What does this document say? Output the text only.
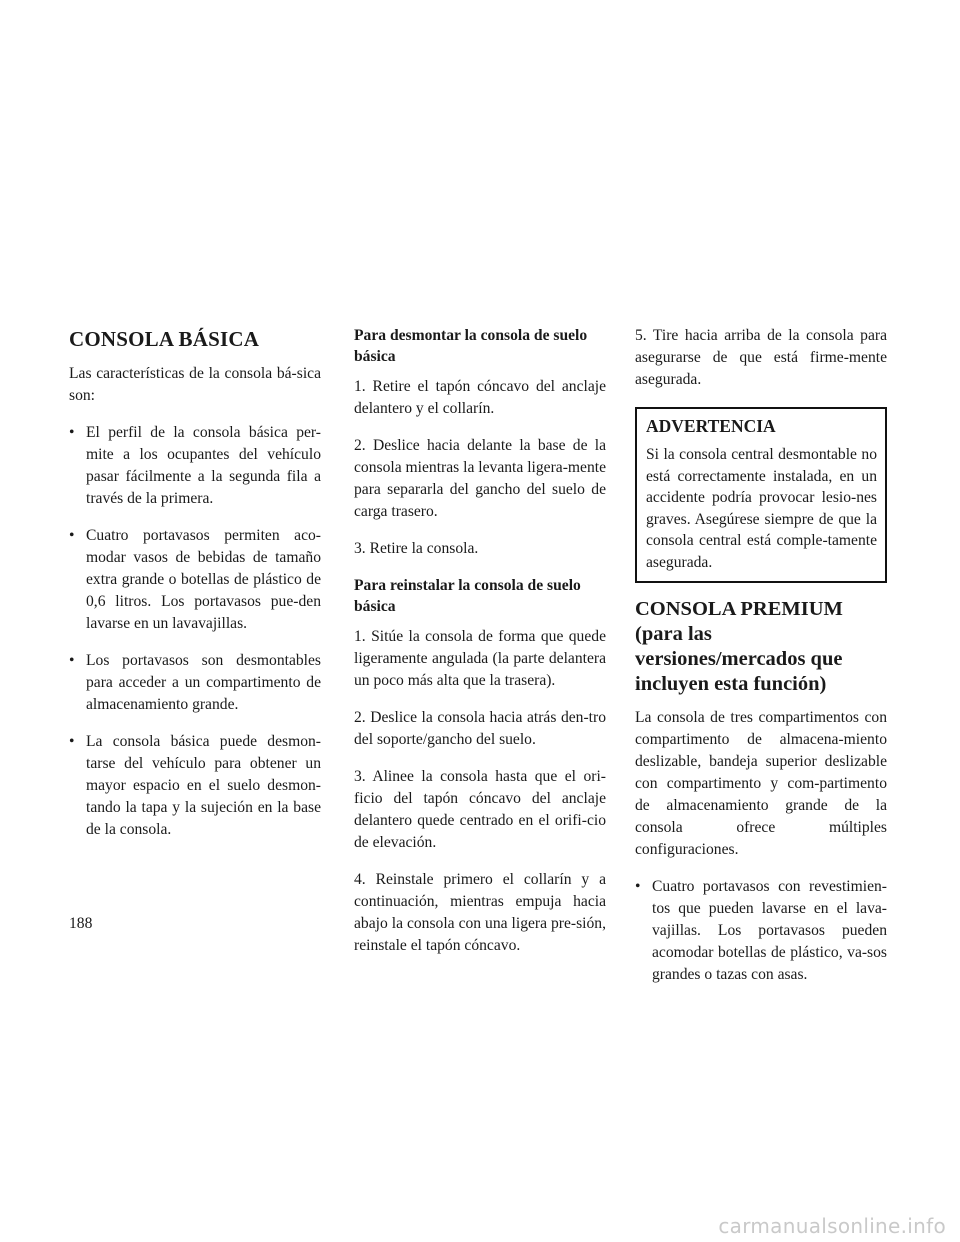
CONSOLA BÁSICA

Las características de la consola bá-sica son:

• El perfil de la consola básica per-mite a los ocupantes del vehículo pasar fácilmente a la segunda fila a través de la primera.
• Cuatro portavasos permiten aco-modar vasos de bebidas de tamaño extra grande o botellas de plástico de 0,6 litros. Los portavasos pue-den lavarse en un lavavajillas.
• Los portavasos son desmontables para acceder a un compartimento de almacenamiento grande.
• La consola básica puede desmon-tarse del vehículo para obtener un mayor espacio en el suelo desmon-tando la tapa y la sujeción en la base de la consola.
Para desmontar la consola de suelo básica

1. Retire el tapón cóncavo del anclaje delantero y el collarín.

2. Deslice hacia delante la base de la consola mientras la levanta ligera-mente para separarla del gancho del suelo de carga trasero.

3. Retire la consola.

Para reinstalar la consola de suelo básica

1. Sitúe la consola de forma que quede ligeramente angulada (la parte delantera un poco más alta que la trasera).

2. Deslice la consola hacia atrás den-tro del soporte/gancho del suelo.

3. Alinee la consola hasta que el ori-ficio del tapón cóncavo del anclaje delantero quede centrado en el orifi-cio de elevación.

4. Reinstale primero el collarín y a continuación, mientras empuja hacia abajo la consola con una ligera pre-sión, reinstale el tapón cóncavo.

5. Tire hacia arriba de la consola para asegurarse de que está firme-mente asegurada.

ADVERTENCIA

Si la consola central desmontable no está correctamente instalada, en un accidente podría provocar lesio-nes graves. Asegúrese siempre de que la consola central está comple-tamente asegurada.

CONSOLA PREMIUM (para las versiones/mercados que incluyen esta función)

La consola de tres compartimentos con compartimento de almacena-miento deslizable, bandeja superior deslizable con compartimento y com-partimento de almacenamiento grande de la consola ofrece múltiples configuraciones.

• Cuatro portavasos con revestimien-tos que pueden lavarse en el lava-vajillas. Los portavasos pueden acomodar botellas de plástico, va-sos grandes o tazas con asas.
188
carmanualsonline.info
